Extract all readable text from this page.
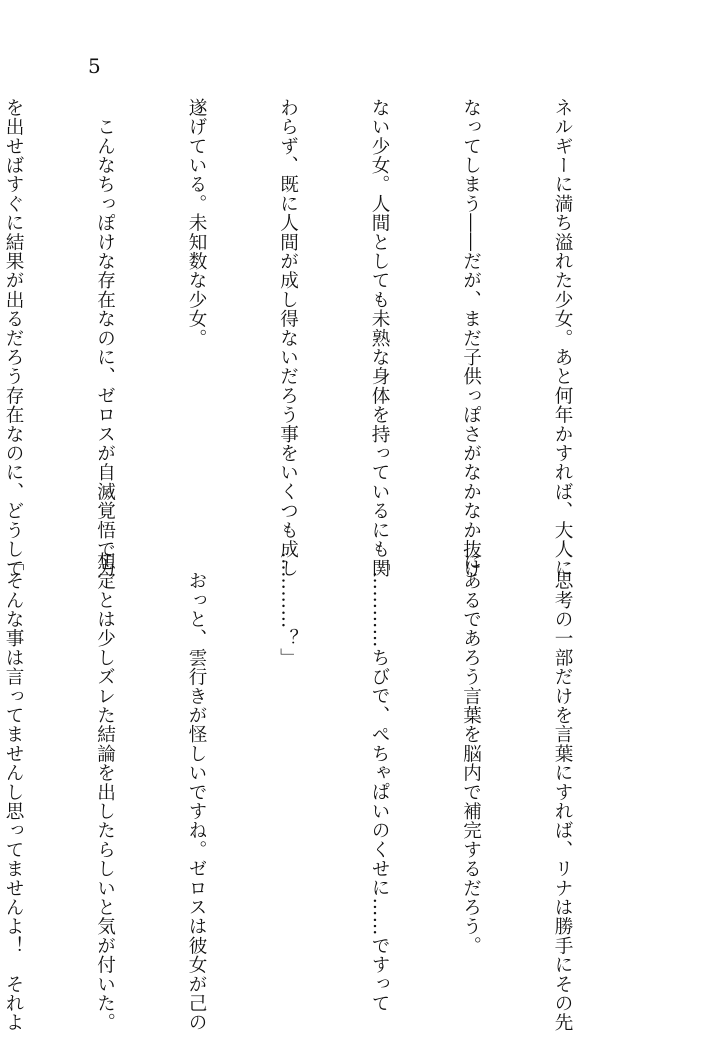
5

ネルギーに満ち溢れた少女。あと何年かすれば、大人に

なってしまう――だが、まだ子供っぽさがなかなか抜け

ない少女。人間としても未熟な身体を持っているにも関

わらず、既に人間が成し得ないだろう事をいくつも成し

遂げている。未知数な少女。

　こんなちっぽけな存在なのに、ゼロスが自滅覚悟で力

を出せばすぐに結果が出るだろう存在なのに、どうして

　思考の一部だけを言葉にすれば、リナは勝手にその先

にあるであろう言葉を脳内で補完するだろう。

「…………ちびで、ぺちゃぱいのくせに……ですって

…………？」

　おっと、雲行きが怪しいですね。ゼロスは彼女が己の

想定とは少しズレた結論を出したらしいと気が付いた。

「そんな事は言ってませんし思ってませんよ！　それよ
